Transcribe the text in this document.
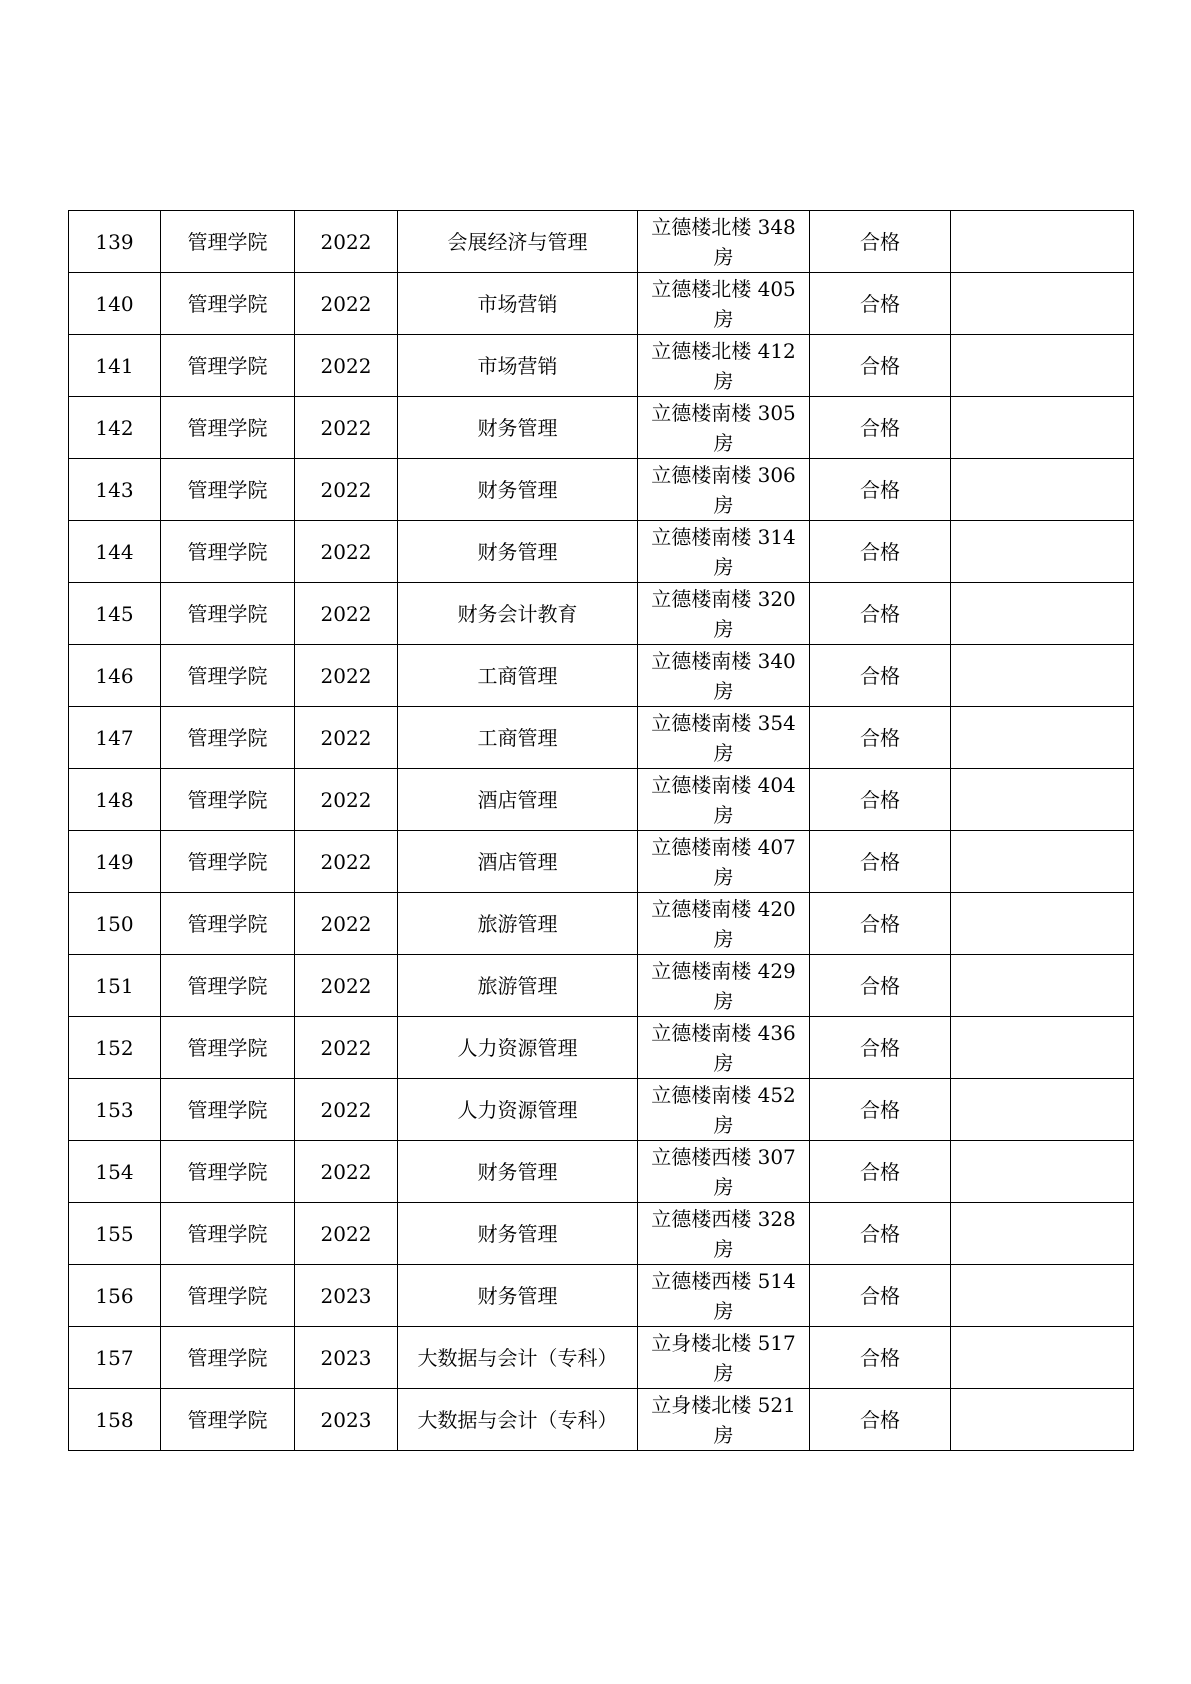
139	管理学院	2022	会展经济与管理	立德楼北楼 348 房	合格	
140	管理学院	2022	市场营销	立德楼北楼 405 房	合格	
141	管理学院	2022	市场营销	立德楼北楼 412 房	合格	
142	管理学院	2022	财务管理	立德楼南楼 305 房	合格	
143	管理学院	2022	财务管理	立德楼南楼 306 房	合格	
144	管理学院	2022	财务管理	立德楼南楼 314 房	合格	
145	管理学院	2022	财务会计教育	立德楼南楼 320 房	合格	
146	管理学院	2022	工商管理	立德楼南楼 340 房	合格	
147	管理学院	2022	工商管理	立德楼南楼 354 房	合格	
148	管理学院	2022	酒店管理	立德楼南楼 404 房	合格	
149	管理学院	2022	酒店管理	立德楼南楼 407 房	合格	
150	管理学院	2022	旅游管理	立德楼南楼 420 房	合格	
151	管理学院	2022	旅游管理	立德楼南楼 429 房	合格	
152	管理学院	2022	人力资源管理	立德楼南楼 436 房	合格	
153	管理学院	2022	人力资源管理	立德楼南楼 452 房	合格	
154	管理学院	2022	财务管理	立德楼西楼 307 房	合格	
155	管理学院	2022	财务管理	立德楼西楼 328 房	合格	
156	管理学院	2023	财务管理	立德楼西楼 514 房	合格	
157	管理学院	2023	大数据与会计（专科）	立身楼北楼 517 房	合格	
158	管理学院	2023	大数据与会计（专科）	立身楼北楼 521 房	合格	
